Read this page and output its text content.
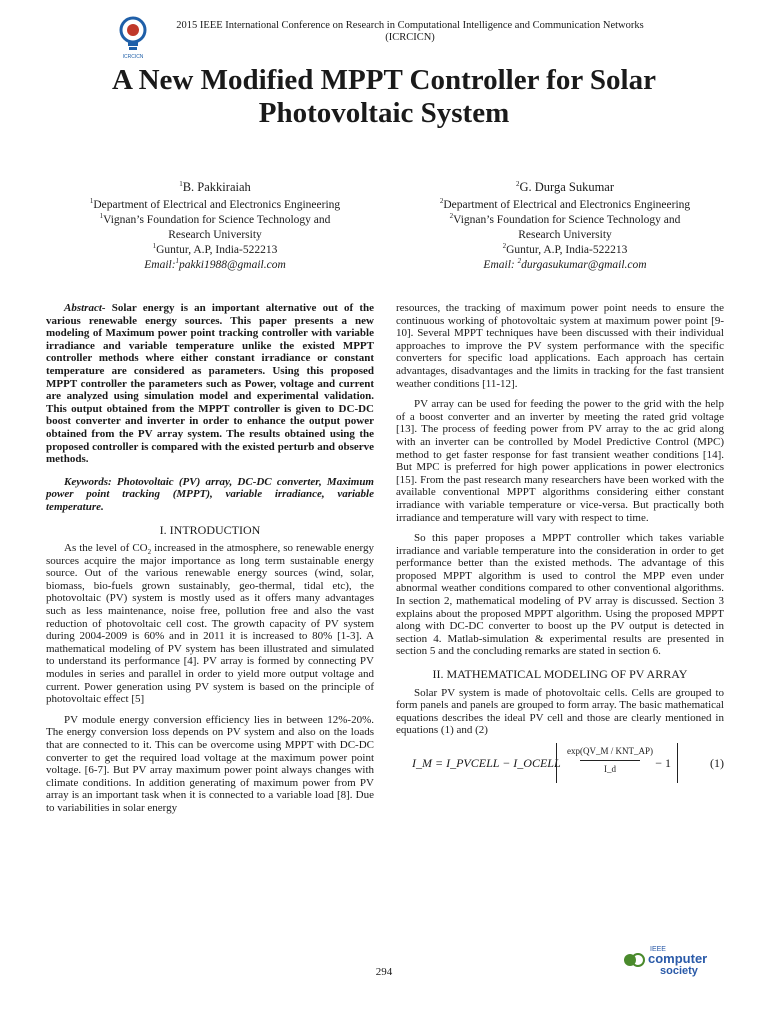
ICRCICN
2015 IEEE International Conference on Research in Computational Intelligence and Communication Networks
(ICRCICN)
A New Modified MPPT Controller for Solar Photovoltaic System
$^1$B. Pakkiraiah
$^1$Department of Electrical and Electronics Engineering
$^1$Vignan’s Foundation for Science Technology and
Research University
$^1$Guntur, A.P, India-522213
Email:$^1$pakki1988@gmail.com
$^2$G. Durga Sukumar
$^2$Department of Electrical and Electronics Engineering
$^2$Vignan’s Foundation for Science Technology and
Research University
$^2$Guntur, A.P, India-522213
Email: $^2$durgasukumar@gmail.com

Abstract- Solar energy is an important alternative out of the various renewable energy sources. This paper presents a new modeling of Maximum power point tracking controller with variable irradiance and variable temperature unlike the existed MPPT controller methods where either constant irradiance or constant temperature are considered as parameters. Using this proposed MPPT controller the parameters such as Power, voltage and current are analyzed using simulation model and experimental validation. This output obtained from the MPPT controller is given to DC-DC boost converter and inverter in order to enhance the output power obtained from the PV array system. The results obtained using the proposed controller is compared with the existed perturb and observe methods.

Keywords: Photovoltaic (PV) array, DC-DC converter, Maximum power point tracking (MPPT), variable irradiance, variable temperature.

I. INTRODUCTION

As the level of $CO_2$ increased in the atmosphere, so renewable energy sources acquire the major importance as long term sustainable energy source. Out of the various renewable energy sources (wind, solar, biomass, bio-fuels grown sustainably, geo-thermal, tidal etc), the photovoltaic (PV) system is mostly used as it offers many advantages such as less maintenance, noise free, pollution free and also the vast reduction of photovoltaic cell cost. The growth capacity of PV system during 2004-2009 is 60% and in 2011 it is increased to 80% [1-3]. A mathematical modeling of PV system has been illustrated and simulated to understand its performance [4]. PV array is formed by connecting PV modules in series and parallel in order to yield more output voltage and current. Power generation using PV system is based on the principle of photovoltaic effect [5]

PV module energy conversion efficiency lies in between 12%-20%. The energy conversion loss depends on PV system and also on the loads that are connected to it. This can be overcome using MPPT with DC-DC converter to get the required load voltage at the maximum power point voltage. [6-7]. But PV array maximum power point always changes with climate conditions. In addition generating of maximum power from PV array is an important task when it is connected to a variable load [8]. Due to variabilities in solar energy

resources, the tracking of maximum power point needs to ensure the continuous working of photovoltaic system at maximum power point [9-10]. Several MPPT techniques have been discussed with their individual approaches to improve the PV system performance with the specific converters for specific load applications. Each approach has certain advantages, disadvantages and the limits in tracking for the fast transient weather conditions [11-12].

PV array can be used for feeding the power to the grid with the help of a boost converter and an inverter by meeting the rated grid voltage [13]. The process of feeding power from PV array to the ac grid along with an inverter can be controlled by Model Predictive Control (MPC) method to get faster response for fast transient weather conditions [14]. But MPC is preferred for high power applications in power electronics [15]. From the past research many researchers have been worked with the available conventional MPPT algorithms considering either constant irradiance with variable temperature or vice-versa. But practically both irradiance and temperature will vary with respect to time.

So this paper proposes a MPPT controller which takes variable irradiance and variable temperature into the consideration in order to get performance better than the existed methods. The advantage of this proposed MPPT algorithm is used to control the MPP even under abnormal weather conditions compared to other conventional algorithms. In section 2, mathematical modeling of PV array is discussed. Section 3 explains about the proposed MPPT algorithm. Using the proposed MPPT along with DC-DC converter to boost up the PV output is detected in section 4. Matlab-simulation & experimental results are presented in section 5 and the concluding remarks are stated in section 6.

II. MATHEMATICAL MODELING OF PV ARRAY

Solar PV system is made of photovoltaic cells. Cells are grouped to form panels and panels are grouped to form array. The basic mathematical equations describes the ideal PV cell and those are clearly mentioned in equations (1) and (2)

I_M = I_PVCELL − I_OCELL
exp(QV_M / KNT_AP)
I_d	− 1	(1)
294
IEEE
computer
society
